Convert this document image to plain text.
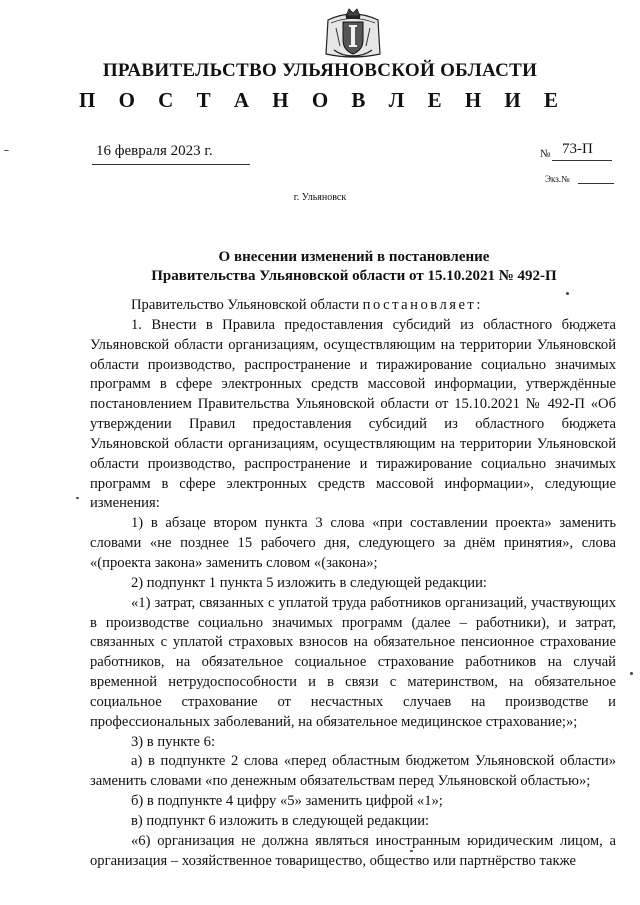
ПРАВИТЕЛЬСТВО УЛЬЯНОВСКОЙ ОБЛАСТИ
П О С Т А Н О В Л Е Н И Е
16 февраля 2023 г.	№ 73-П
Экз.№
г. Ульяновск
О внесении изменений в постановление
Правительства Ульяновской области от 15.10.2021 № 492-П

Правительство Ульяновской области постановляет:

1. Внести в Правила предоставления субсидий из областного бюджета Ульяновской области организациям, осуществляющим на территории Ульяновской области производство, распространение и тиражирование социально значимых программ в сфере электронных средств массовой информации, утверждённые постановлением Правительства Ульяновской области от 15.10.2021 № 492-П «Об утверждении Правил предоставления субсидий из областного бюджета Ульяновской области организациям, осуществляющим на территории Ульяновской области производство, распространение и тиражирование социально значимых программ в сфере электронных средств массовой информации», следующие изменения:

1) в абзаце втором пункта 3 слова «при составлении проекта» заменить словами «не позднее 15 рабочего дня, следующего за днём принятия», слова «(проекта закона» заменить словом «(закона»;

2) подпункт 1 пункта 5 изложить в следующей редакции:

«1) затрат, связанных с уплатой труда работников организаций, участвующих в производстве социально значимых программ (далее – работники), и затрат, связанных с уплатой страховых взносов на обязательное пенсионное страхование работников, на обязательное социальное страхование работников на случай временной нетрудоспособности и в связи с материнством, на обязательное социальное страхование от несчастных случаев на производстве и профессиональных заболеваний, на обязательное медицинское страхование;»;

3) в пункте 6:

а) в подпункте 2 слова «перед областным бюджетом Ульяновской области» заменить словами «по денежным обязательствам перед Ульяновской областью»;

б) в подпункте 4 цифру «5» заменить цифрой «1»;

в) подпункт 6 изложить в следующей редакции:

«6) организация не должна являться иностранным юридическим лицом, а организация – хозяйственное товарищество, общество или партнёрство также
